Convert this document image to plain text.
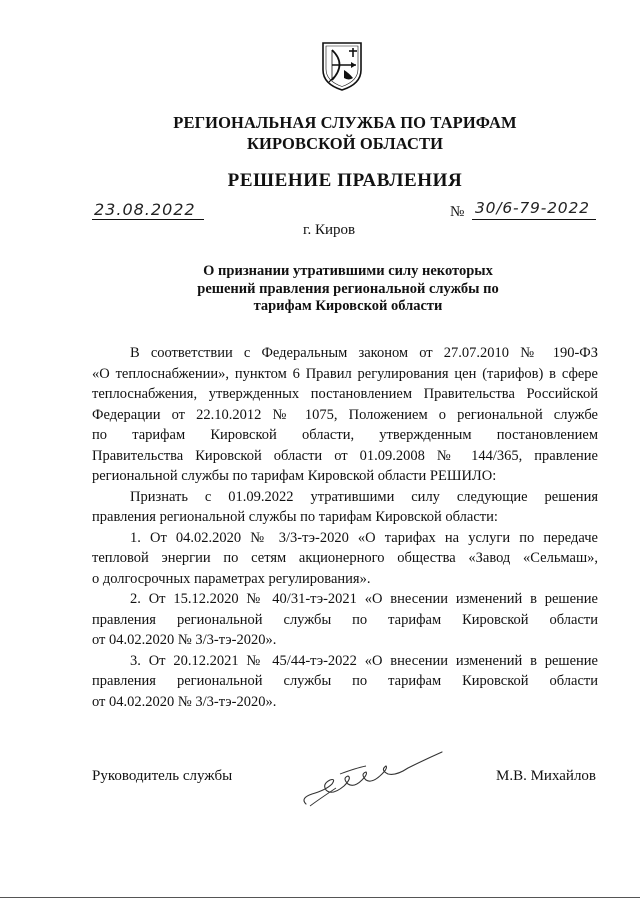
РЕГИОНАЛЬНАЯ СЛУЖБА ПО ТАРИФАМ
КИРОВСКОЙ ОБЛАСТИ
РЕШЕНИЕ ПРАВЛЕНИЯ
23.08.2022	№ 30/6-79-2022
г. Киров
О признании утратившими силу некоторых
решений правления региональной службы по
тарифам Кировской области
В соответствии с Федеральным законом от 27.07.2010 № 190-ФЗ
«О теплоснабжении», пунктом 6 Правил регулирования цен (тарифов) в сфере
теплоснабжения, утвержденных постановлением Правительства Российской
Федерации от 22.10.2012 № 1075, Положением о региональной службе
по тарифам Кировской области, утвержденным постановлением
Правительства Кировской области от 01.09.2008 № 144/365, правление
региональной службы по тарифам Кировской области РЕШИЛО:
Признать с 01.09.2022 утратившими силу следующие решения
правления региональной службы по тарифам Кировской области:
1. От 04.02.2020 № 3/3-тэ-2020 «О тарифах на услуги по передаче
тепловой энергии по сетям акционерного общества «Завод «Сельмаш»,
о долгосрочных параметрах регулирования».
2. От 15.12.2020 № 40/31-тэ-2021 «О внесении изменений в решение
правления региональной службы по тарифам Кировской области
от 04.02.2020 № 3/3-тэ-2020».
3. От 20.12.2021 № 45/44-тэ-2022 «О внесении изменений в решение
правления региональной службы по тарифам Кировской области
от 04.02.2020 № 3/3-тэ-2020».
Руководитель службы	М.В. Михайлов
